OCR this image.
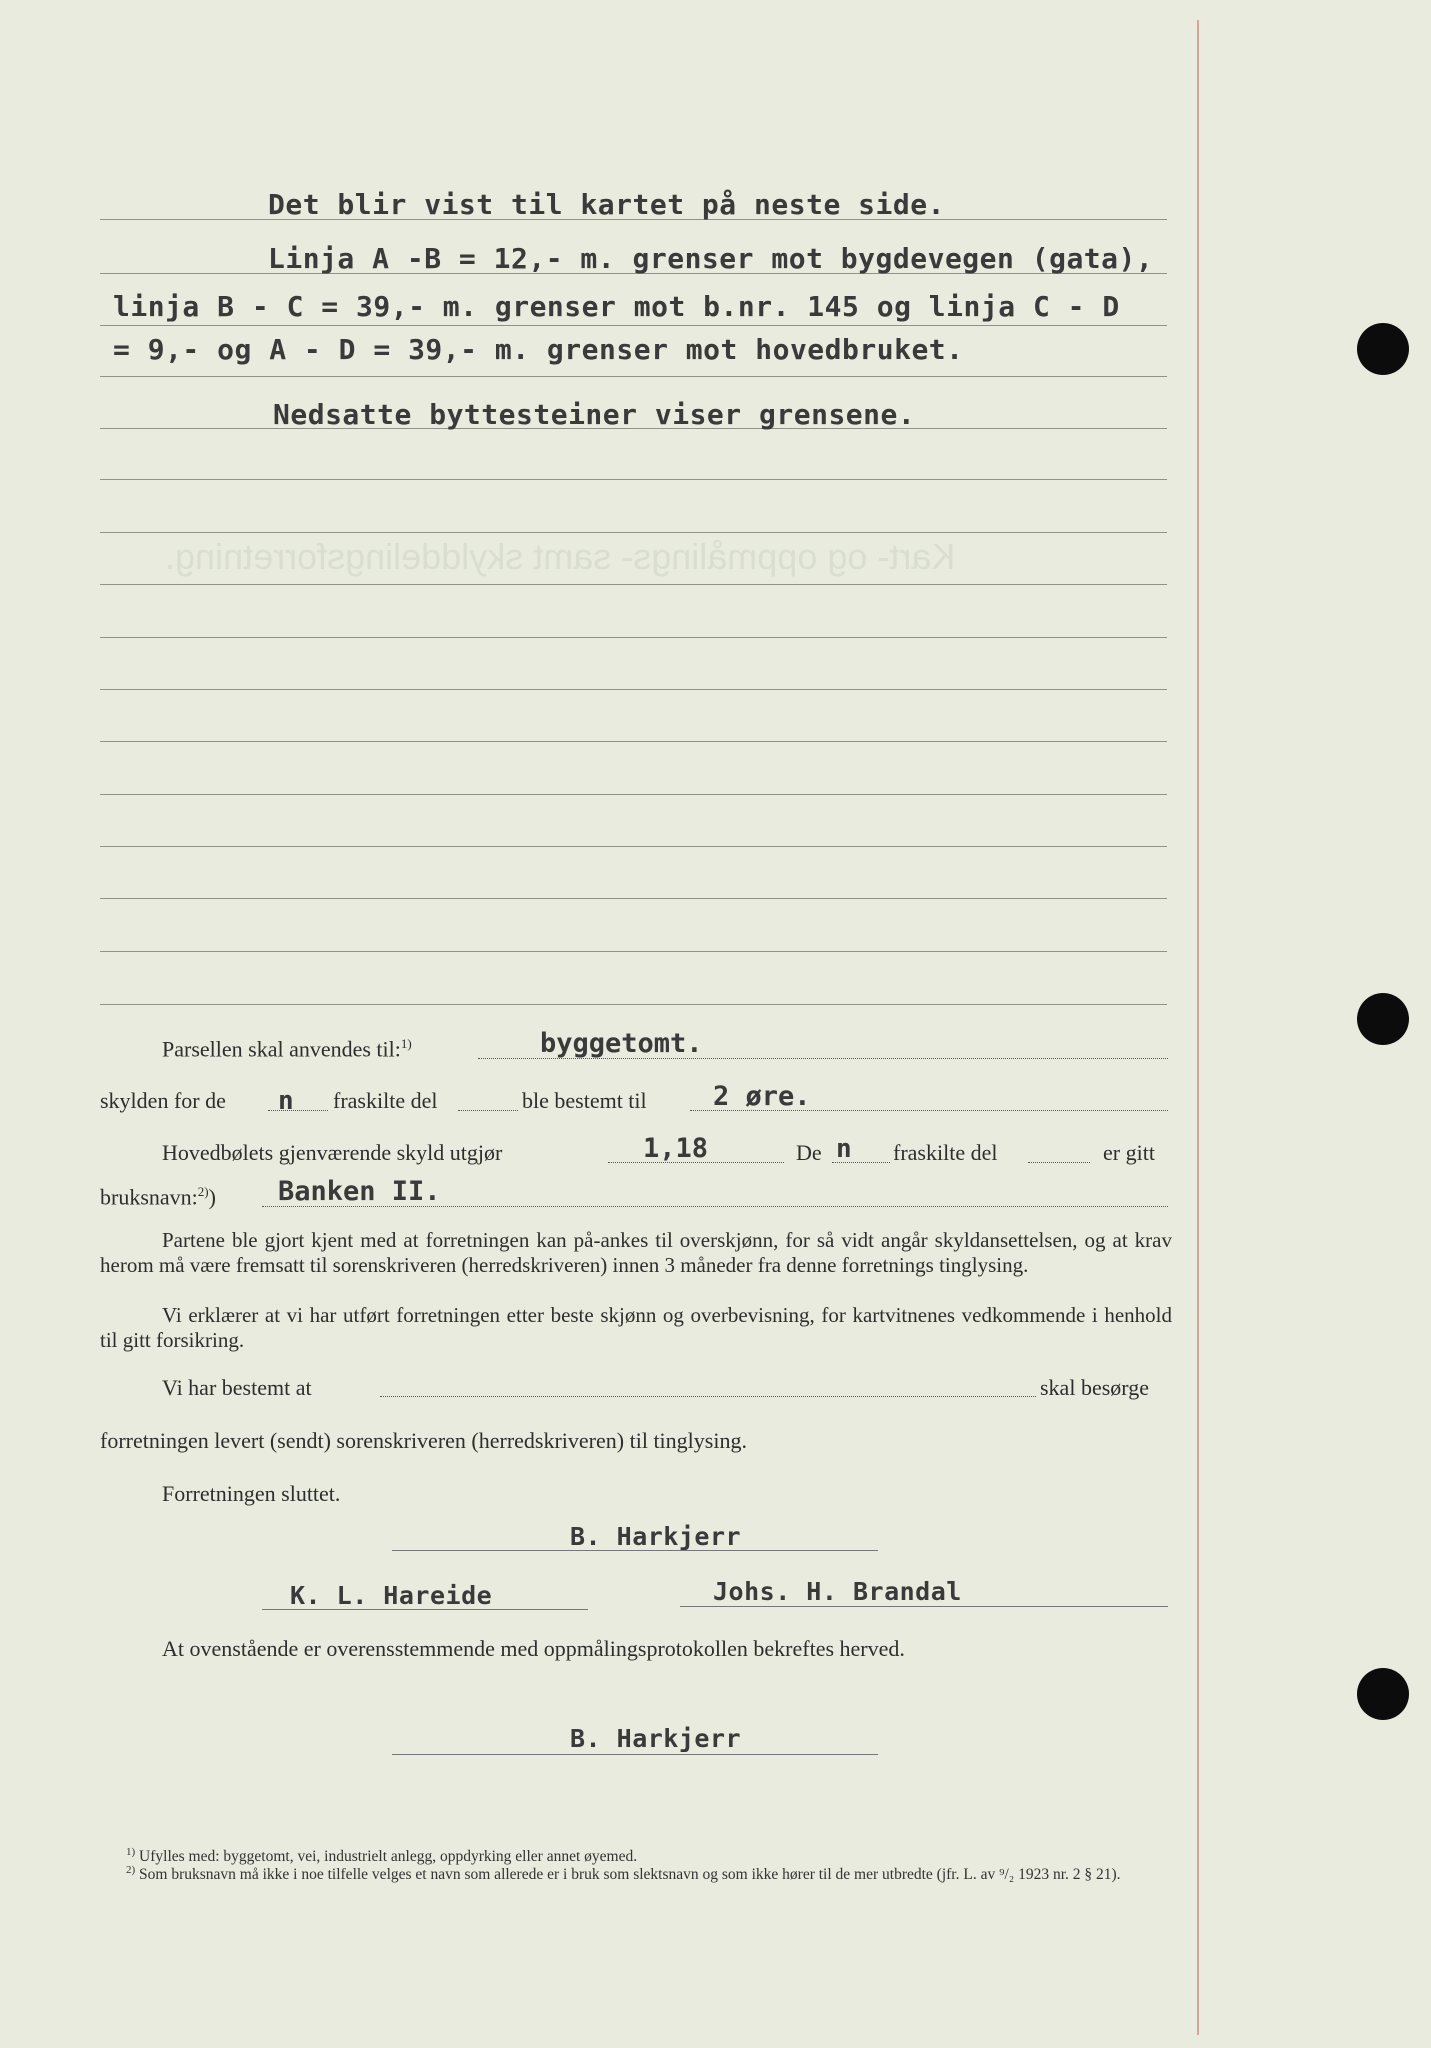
Kart- og oppmålings- samt skylddelingsforretning.
Det blir vist til kartet på neste side.
Linja A -B = 12,- m. grenser mot bygdevegen (gata),
linja B - C = 39,- m. grenser mot b.nr. 145 og linja C - D
= 9,- og A - D = 39,- m. grenser mot hovedbruket.
Nedsatte byttesteiner viser grensene.
Parsellen skal anvendes til:$^{1)}$	byggetomt.
skylden for de n fraskilte del	ble bestemt til 2 øre.
Hovedbølets gjenværende skyld utgjør	1,18	De n fraskilte del	er gitt
bruksnavn:$^{2)}$) Banken II.
Partene ble gjort kjent med at forretningen kan på-ankes til overskjønn, for så vidt angår skyldansettelsen, og at krav herom må være fremsatt til sorenskriveren (herredskriveren) innen 3 måneder fra denne forretnings tinglysing.
Vi erklærer at vi har utført forretningen etter beste skjønn og overbevisning, for kartvitnenes vedkommende i henhold til gitt forsikring.
Vi har bestemt at	skal besørge
forretningen levert (sendt) sorenskriveren (herredskriveren) til tinglysing.
Forretningen sluttet.
B. Harkjerr
K. L. Hareide	Johs. H. Brandal
At ovenstående er overensstemmende med oppmålingsprotokollen bekreftes herved.
B. Harkjerr
$^{1)}$ Ufylles med: byggetomt, vei, industrielt anlegg, oppdyrking eller annet øyemed.
$^{2)}$ Som bruksnavn må ikke i noe tilfelle velges et navn som allerede er i bruk som slektsnavn og som ikke hører til de mer utbredte (jfr. L. av ⁹/₂ 1923 nr. 2 § 21).
